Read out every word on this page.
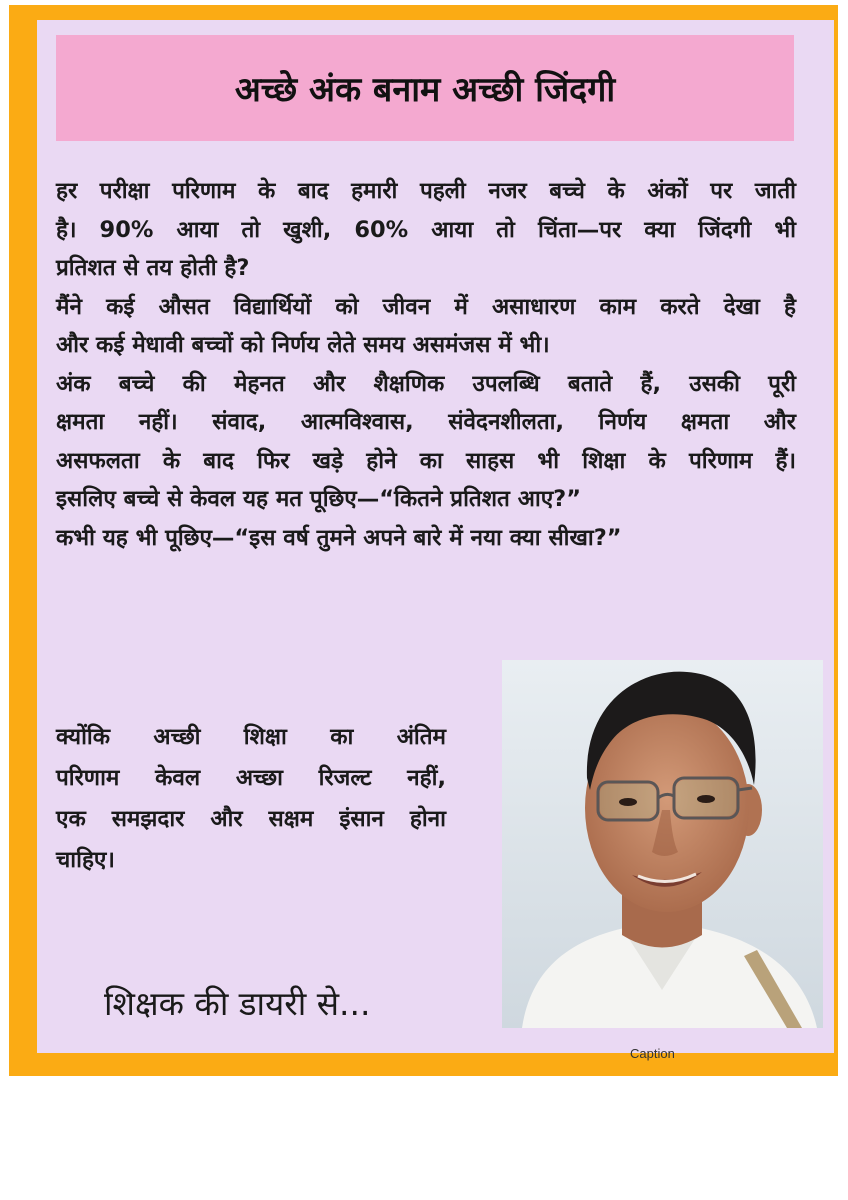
अच्छे अंक बनाम अच्छी जिंदगी
हर परीक्षा परिणाम के बाद हमारी पहली नजर बच्चे के अंकों पर जाती
है। 90% आया तो खुशी, 60% आया तो चिंता—पर क्या जिंदगी भी
प्रतिशत से तय होती है?
मैंने कई औसत विद्यार्थियों को जीवन में असाधारण काम करते देखा है
और कई मेधावी बच्चों को निर्णय लेते समय असमंजस में भी।
अंक बच्चे की मेहनत और शैक्षणिक उपलब्धि बताते हैं, उसकी पूरी
क्षमता नहीं। संवाद, आत्मविश्वास, संवेदनशीलता, निर्णय क्षमता और
असफलता के बाद फिर खड़े होने का साहस भी शिक्षा के परिणाम हैं।
इसलिए बच्चे से केवल यह मत पूछिए—“कितने प्रतिशत आए?”
कभी यह भी पूछिए—“इस वर्ष तुमने अपने बारे में नया क्या सीखा?”
क्योंकि अच्छी शिक्षा का अंतिम
परिणाम केवल अच्छा रिजल्ट नहीं,
एक समझदार और सक्षम इंसान होना
चाहिए।
शिक्षक की डायरी से...
Caption
